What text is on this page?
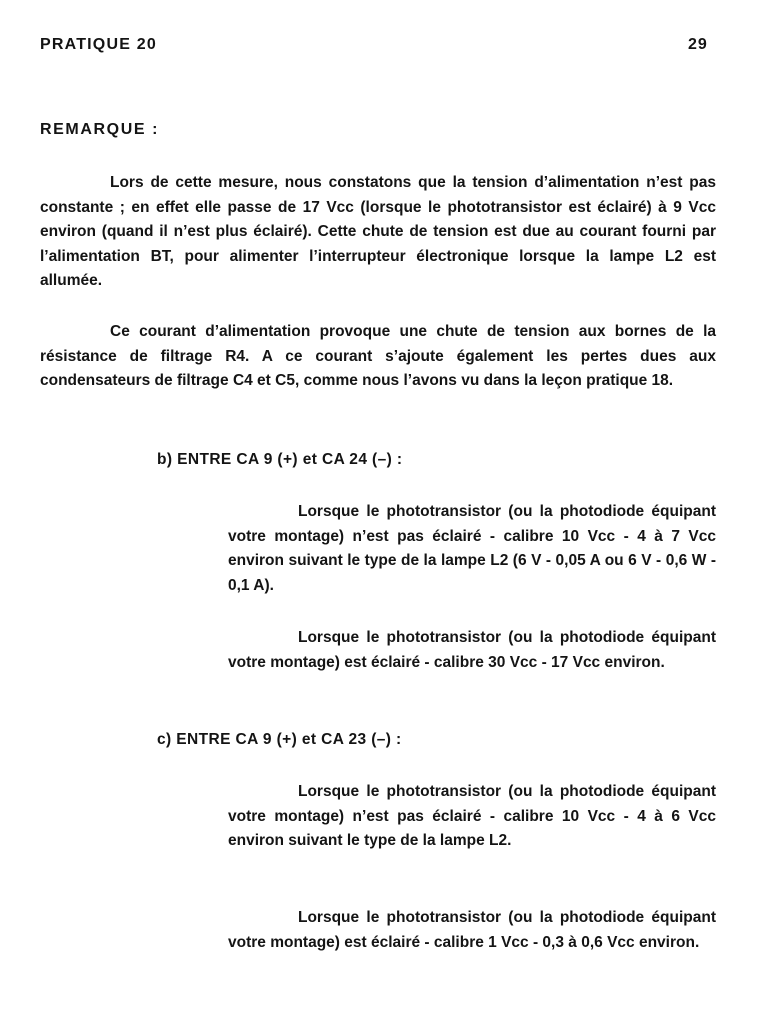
PRATIQUE 20	29
REMARQUE :

Lors de cette mesure, nous constatons que la tension d’alimentation n’est pas constante ; en effet elle passe de 17 Vcc (lorsque le phototransistor est éclairé) à 9 Vcc environ (quand il n’est plus éclairé). Cette chute de tension est due au courant fourni par l’alimentation BT, pour alimenter l’interrupteur électronique lorsque la lampe L2 est allumée.

Ce courant d’alimentation provoque une chute de tension aux bornes de la résistance de filtrage R4. A ce courant s’ajoute également les pertes dues aux condensateurs de filtrage C4 et C5, comme nous l’avons vu dans la leçon pratique 18.

b) ENTRE CA 9 (+) et CA 24 (–) :

Lorsque le phototransistor (ou la photodiode équipant votre montage) n’est pas éclairé - calibre 10 Vcc - 4 à 7 Vcc environ suivant le type de la lampe L2 (6 V - 0,05 A ou 6 V - 0,6 W - 0,1 A).

Lorsque le phototransistor (ou la photodiode équipant votre montage) est éclairé - calibre 30 Vcc - 17 Vcc environ.

c) ENTRE CA 9 (+) et CA 23 (–) :

Lorsque le phototransistor (ou la photodiode équipant votre montage) n’est pas éclairé - calibre 10 Vcc - 4 à 6 Vcc environ suivant le type de la lampe L2.

Lorsque le phototransistor (ou la photodiode équipant votre montage) est éclairé - calibre 1 Vcc - 0,3 à 0,6 Vcc environ.
